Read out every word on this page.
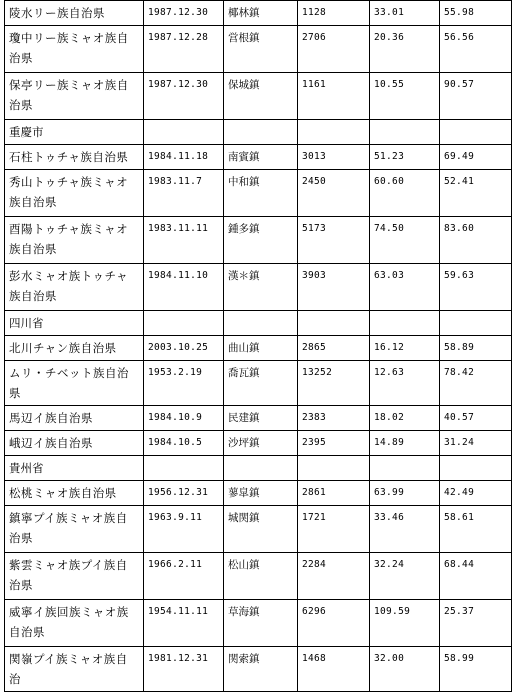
陵水リー族自治県	1987.12.30	椰林鎮	1128	33.01	55.98
瓊中リー族ミャオ族自治県	1987.12.28	営根鎮	2706	20.36	56.56
保亭リー族ミャオ族自治県	1987.12.30	保城鎮	1161	10.55	90.57
重慶市					
石柱トゥチャ族自治県	1984.11.18	南賓鎮	3013	51.23	69.49
秀山トゥチャ族ミャオ族自治県	1983.11.7	中和鎮	2450	60.60	52.41
酉陽トゥチャ族ミャオ族自治県	1983.11.11	鍾多鎮	5173	74.50	83.60
彭水ミャオ族トゥチャ族自治県	1984.11.10	漢＊鎮	3903	63.03	59.63
四川省					
北川チャン族自治県	2003.10.25	曲山鎮	2865	16.12	58.89
ムリ・チベット族自治県	1953.2.19	喬瓦鎮	13252	12.63	78.42
馬辺イ族自治県	1984.10.9	民建鎮	2383	18.02	40.57
峨辺イ族自治県	1984.10.5	沙坪鎮	2395	14.89	31.24
貴州省					
松桃ミャオ族自治県	1956.12.31	蓼皐鎮	2861	63.99	42.49
鎮寧プイ族ミャオ族自治県	1963.9.11	城関鎮	1721	33.46	58.61
紫雲ミャオ族プイ族自治県	1966.2.11	松山鎮	2284	32.24	68.44
威寧イ族回族ミャオ族自治県	1954.11.11	草海鎮	6296	109.59	25.37
関嶺プイ族ミャオ族自治	1981.12.31	関索鎮	1468	32.00	58.99
